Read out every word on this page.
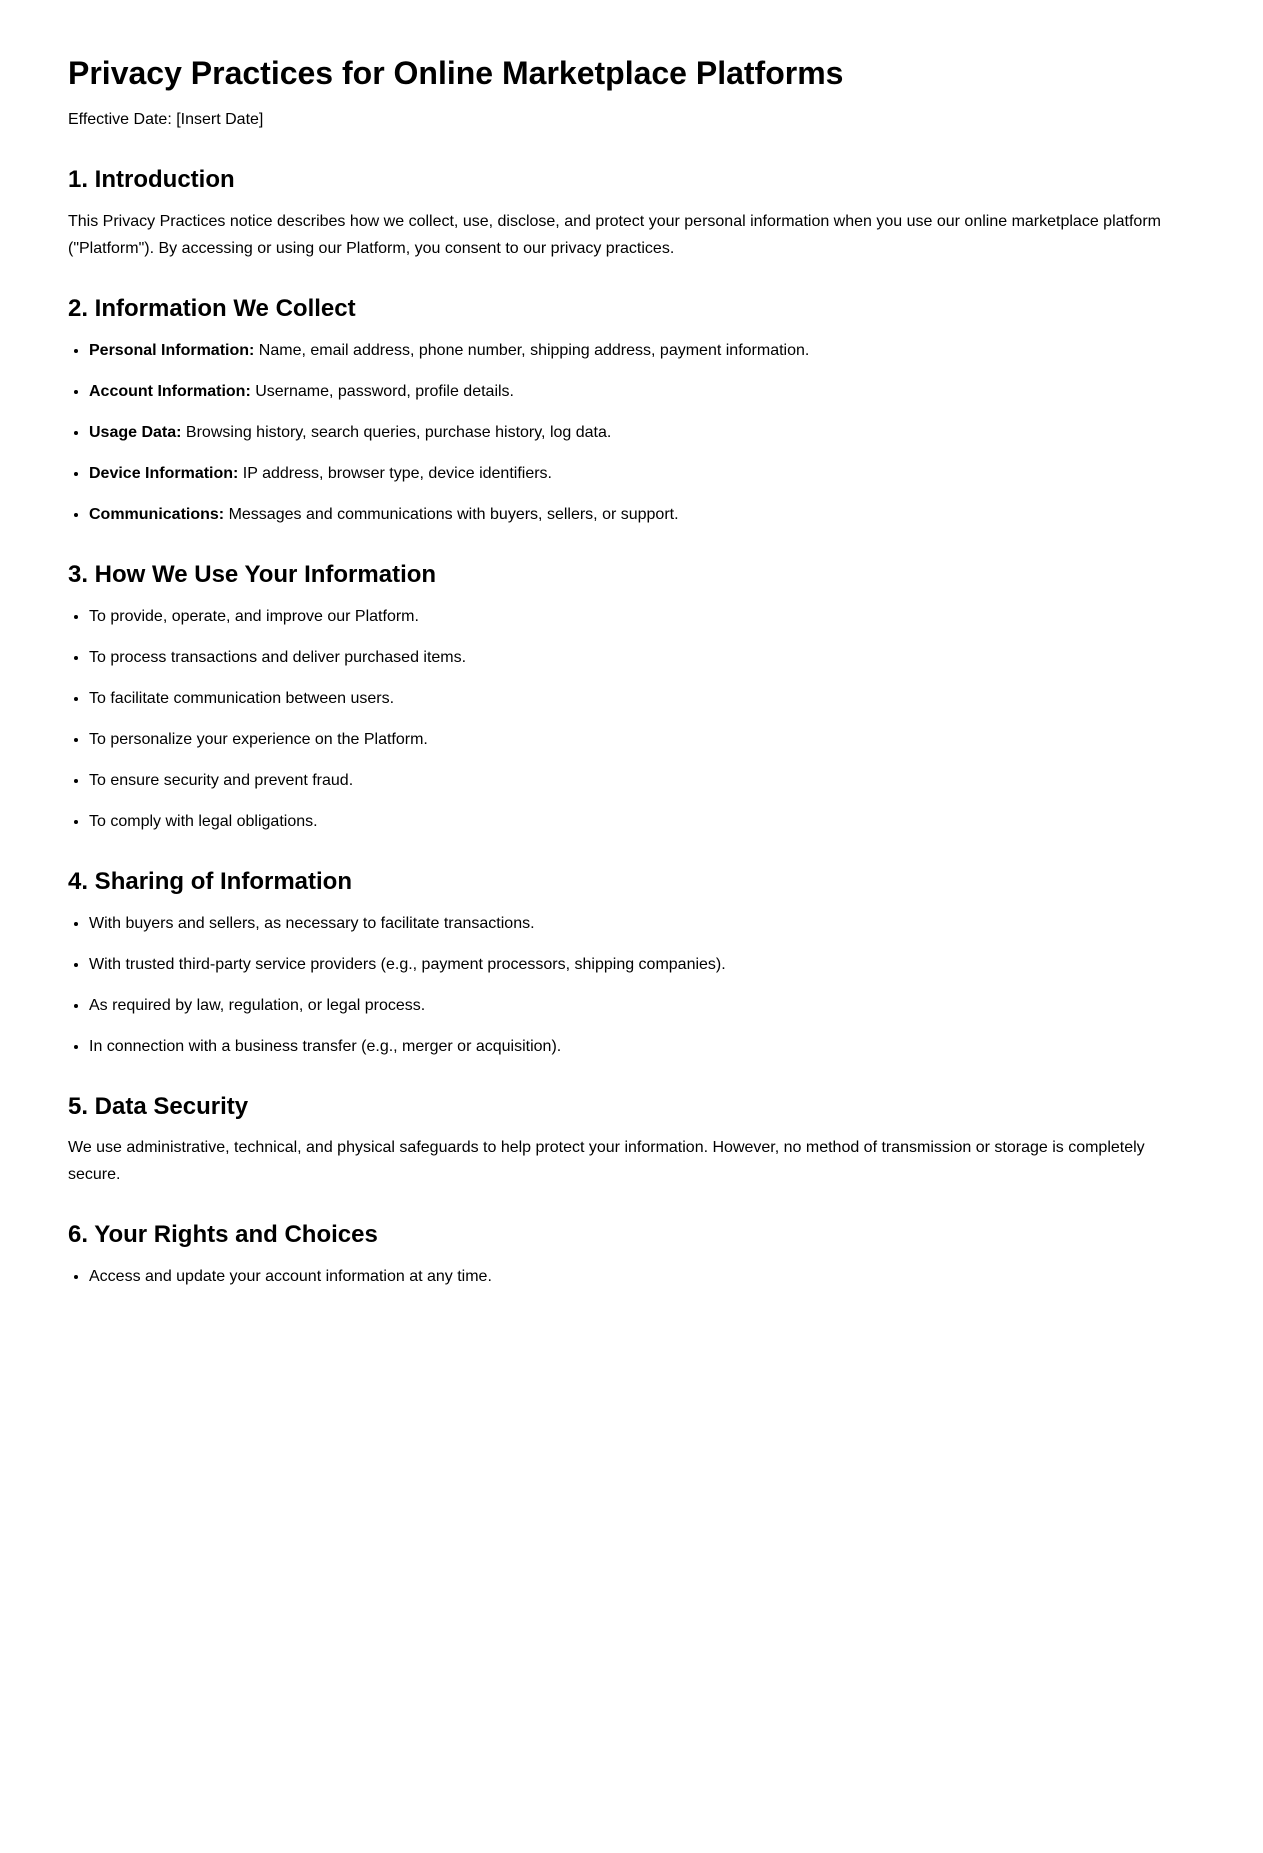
Privacy Practices for Online Marketplace Platforms

Effective Date: [Insert Date]

1. Introduction

This Privacy Practices notice describes how we collect, use, disclose, and protect your personal information when you use our online marketplace platform ("Platform"). By accessing or using our Platform, you consent to our privacy practices.

2. Information We Collect
• Personal Information: Name, email address, phone number, shipping address, payment information.
• Account Information: Username, password, profile details.
• Usage Data: Browsing history, search queries, purchase history, log data.
• Device Information: IP address, browser type, device identifiers.
• Communications: Messages and communications with buyers, sellers, or support.
3. How We Use Your Information
• To provide, operate, and improve our Platform.
• To process transactions and deliver purchased items.
• To facilitate communication between users.
• To personalize your experience on the Platform.
• To ensure security and prevent fraud.
• To comply with legal obligations.
4. Sharing of Information
• With buyers and sellers, as necessary to facilitate transactions.
• With trusted third-party service providers (e.g., payment processors, shipping companies).
• As required by law, regulation, or legal process.
• In connection with a business transfer (e.g., merger or acquisition).
5. Data Security

We use administrative, technical, and physical safeguards to help protect your information. However, no method of transmission or storage is completely secure.

6. Your Rights and Choices
• Access and update your account information at any time.
